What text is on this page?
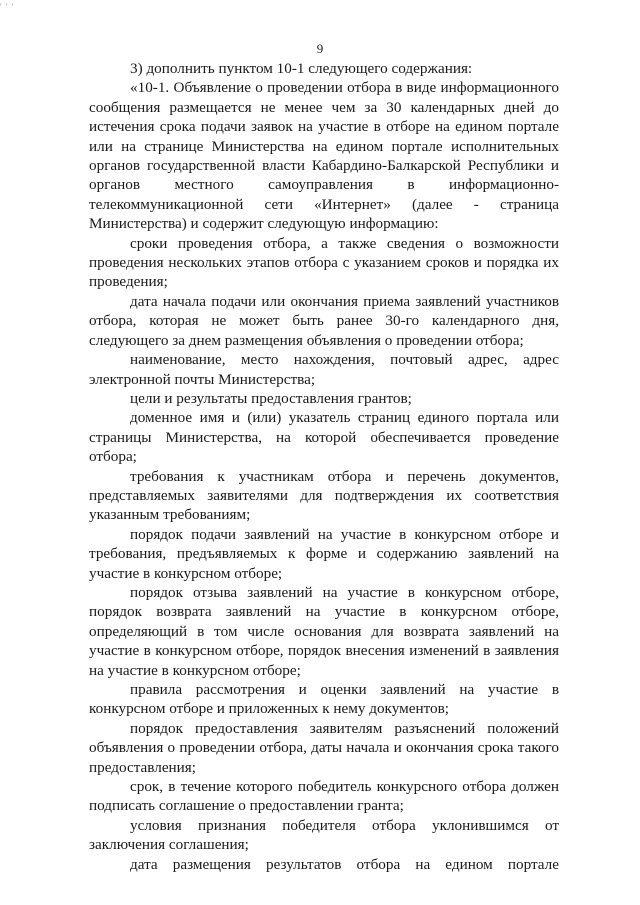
' ' '
9

3) дополнить пунктом 10-1 следующего содержания:

«10-1. Объявление о проведении отбора в виде информационного сообщения размещается не менее чем за 30 календарных дней до истечения срока подачи заявок на участие в отборе на едином портале или на странице Министерства на едином портале исполнительных органов государственной власти Кабардино-Балкарской Республики и органов местного самоуправления в информационно-телекоммуникационной сети «Интернет» (далее - страница Министерства) и содержит следующую информацию:

сроки проведения отбора, а также сведения о возможности проведения нескольких этапов отбора с указанием сроков и порядка их проведения;

дата начала подачи или окончания приема заявлений участников отбора, которая не может быть ранее 30-го календарного дня, следующего за днем размещения объявления о проведении отбора;

наименование, место нахождения, почтовый адрес, адрес электронной почты Министерства;

цели и результаты предоставления грантов;

доменное имя и (или) указатель страниц единого портала или страницы Министерства, на которой обеспечивается проведение отбора;

требования к участникам отбора и перечень документов, представляемых заявителями для подтверждения их соответствия указанным требованиям;

порядок подачи заявлений на участие в конкурсном отборе и требования, предъявляемых к форме и содержанию заявлений на участие в конкурсном отборе;

порядок отзыва заявлений на участие в конкурсном отборе, порядок возврата заявлений на участие в конкурсном отборе, определяющий в том числе основания для возврата заявлений на участие в конкурсном отборе, порядок внесения изменений в заявления на участие в конкурсном отборе;

правила рассмотрения и оценки заявлений на участие в конкурсном отборе и приложенных к нему документов;

порядок предоставления заявителям разъяснений положений объявления о проведении отбора, даты начала и окончания срока такого предоставления;

срок, в течение которого победитель конкурсного отбора должен подписать соглашение о предоставлении гранта;

условия признания победителя отбора уклонившимся от заключения соглашения;

дата размещения результатов отбора на едином портале
